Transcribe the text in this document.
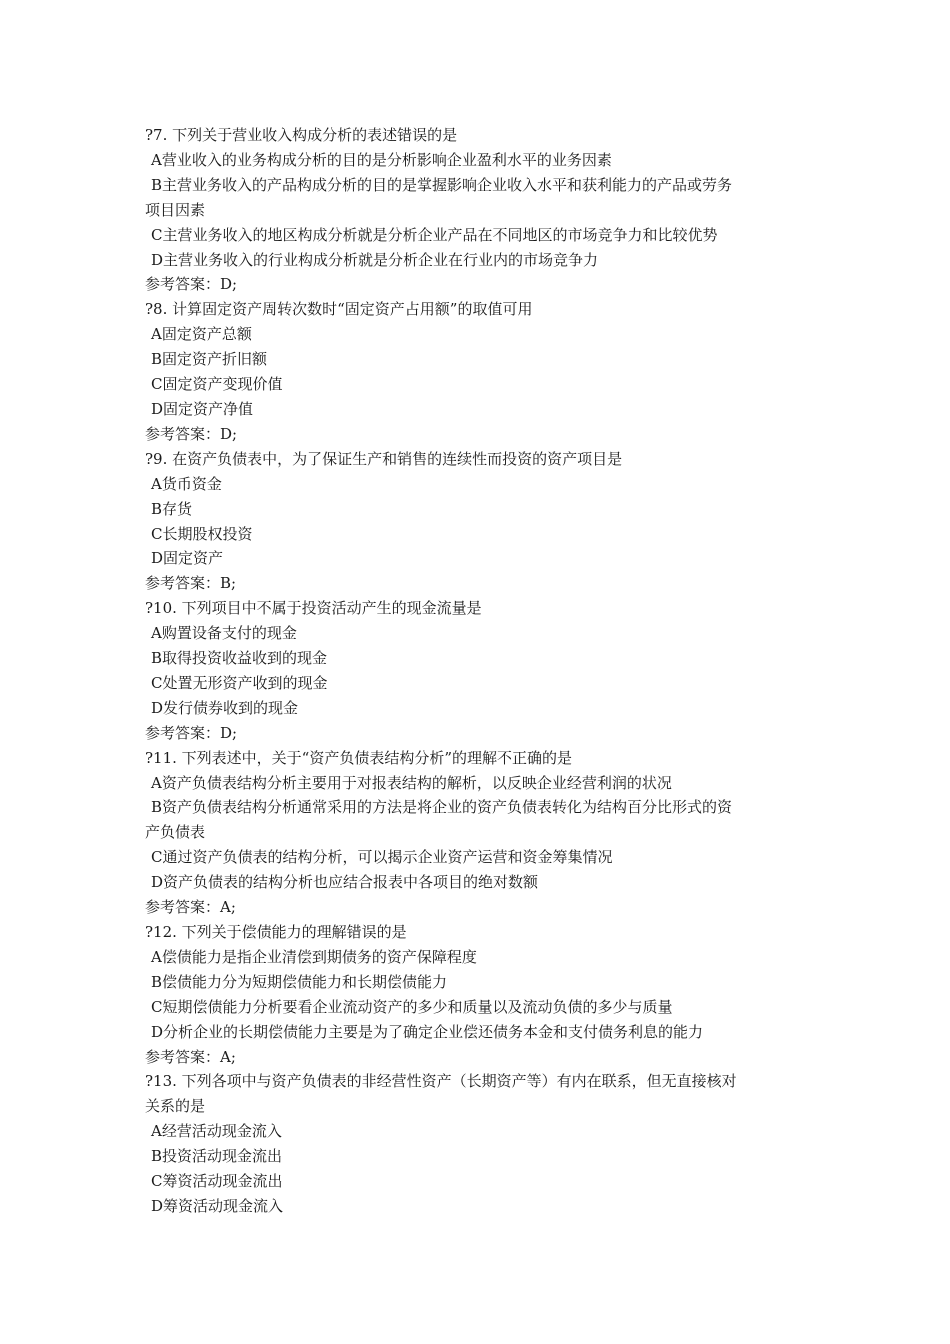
?7. 下列关于营业收入构成分析的表述错误的是
A营业收入的业务构成分析的目的是分析影响企业盈利水平的业务因素
B主营业务收入的产品构成分析的目的是掌握影响企业收入水平和获利能力的产品或劳务
项目因素
C主营业务收入的地区构成分析就是分析企业产品在不同地区的市场竞争力和比较优势
D主营业务收入的行业构成分析就是分析企业在行业内的市场竞争力
参考答案：D;
?8. 计算固定资产周转次数时“固定资产占用额”的取值可用
A固定资产总额
B固定资产折旧额
C固定资产变现价值
D固定资产净值
参考答案：D;
?9. 在资产负债表中，为了保证生产和销售的连续性而投资的资产项目是
A货币资金
B存货
C长期股权投资
D固定资产
参考答案：B;
?10. 下列项目中不属于投资活动产生的现金流量是
A购置设备支付的现金
B取得投资收益收到的现金
C处置无形资产收到的现金
D发行债券收到的现金
参考答案：D;
?11. 下列表述中，关于“资产负债表结构分析”的理解不正确的是
A资产负债表结构分析主要用于对报表结构的解析，以反映企业经营利润的状况
B资产负债表结构分析通常采用的方法是将企业的资产负债表转化为结构百分比形式的资
产负债表
C通过资产负债表的结构分析，可以揭示企业资产运营和资金筹集情况
D资产负债表的结构分析也应结合报表中各项目的绝对数额
参考答案：A;
?12. 下列关于偿债能力的理解错误的是
A偿债能力是指企业清偿到期债务的资产保障程度
B偿债能力分为短期偿债能力和长期偿债能力
C短期偿债能力分析要看企业流动资产的多少和质量以及流动负债的多少与质量
D分析企业的长期偿债能力主要是为了确定企业偿还债务本金和支付债务利息的能力
参考答案：A;
?13. 下列各项中与资产负债表的非经营性资产（长期资产等）有内在联系，但无直接核对
关系的是
A经营活动现金流入
B投资活动现金流出
C筹资活动现金流出
D筹资活动现金流入
